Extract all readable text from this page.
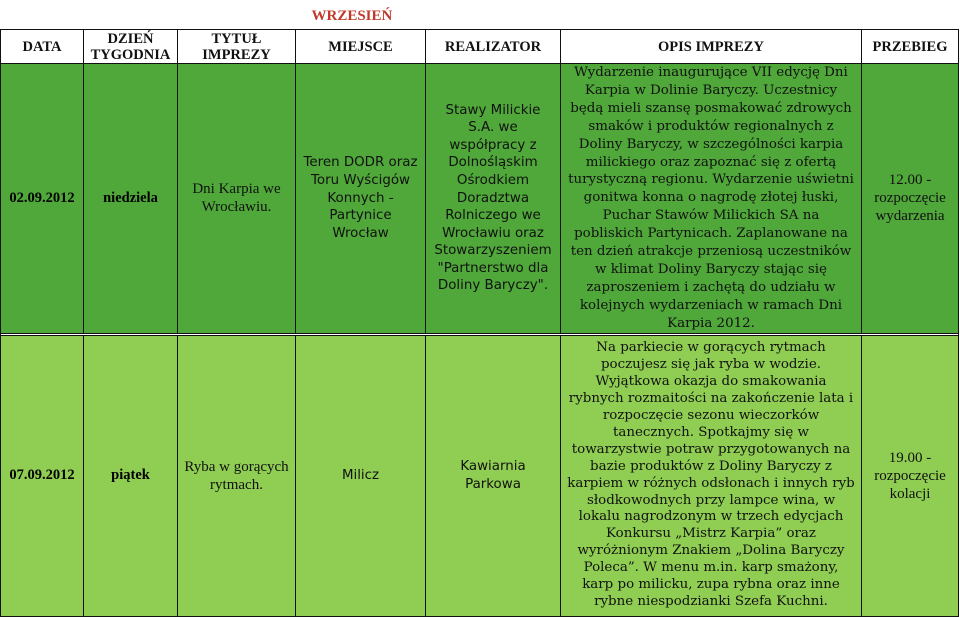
			WRZESIEŃ			
DATA	DZIEŃ TYGODNIA	TYTUŁ IMPREZY	MIEJSCE	REALIZATOR	OPIS IMPREZY	PRZEBIEG
02.09.2012	niedziela	Dni Karpia we Wrocławiu.	Teren DODR oraz Toru Wyścigów Konnych - Partynice Wrocław	Stawy Milickie S.A. we współpracy z Dolnośląskim Ośrodkiem Doradztwa Rolniczego we Wrocławiu oraz Stowarzyszeniem "Partnerstwo dla Doliny Baryczy".	Wydarzenie inaugurujące VII edycję Dni Karpia w Dolinie Baryczy. Uczestnicy będą mieli szansę posmakować zdrowych smaków i produktów regionalnych z Doliny Baryczy, w szczególności karpia milickiego oraz zapoznać się z ofertą turystyczną regionu. Wydarzenie uświetni gonitwa konna o nagrodę złotej łuski, Puchar Stawów Milickich SA na pobliskich Partynicach. Zaplanowane na ten dzień atrakcje przeniosą uczestników w klimat Doliny Baryczy stając się zaproszeniem i zachętą do udziału w kolejnych wydarzeniach w ramach Dni Karpia 2012.	12.00 - rozpoczęcie wydarzenia

07.09.2012	piątek	Ryba w gorących rytmach.	Milicz	Kawiarnia Parkowa	Na parkiecie w gorących rytmach poczujesz się jak ryba w wodzie. Wyjątkowa okazja do smakowania rybnych rozmaitości na zakończenie lata i rozpoczęcie sezonu wieczorków tanecznych. Spotkajmy się w towarzystwie potraw przygotowanych na bazie produktów z Doliny Baryczy z karpiem w różnych odsłonach i innych ryb słodkowodnych przy lampce wina, w lokalu nagrodzonym w trzech edycjach Konkursu „Mistrz Karpia” oraz wyróżnionym Znakiem „Dolina Baryczy Poleca”. W menu m.in. karp smażony, karp po milicku, zupa rybna oraz inne rybne niespodzianki Szefa Kuchni.	19.00 - rozpoczęcie kolacji
